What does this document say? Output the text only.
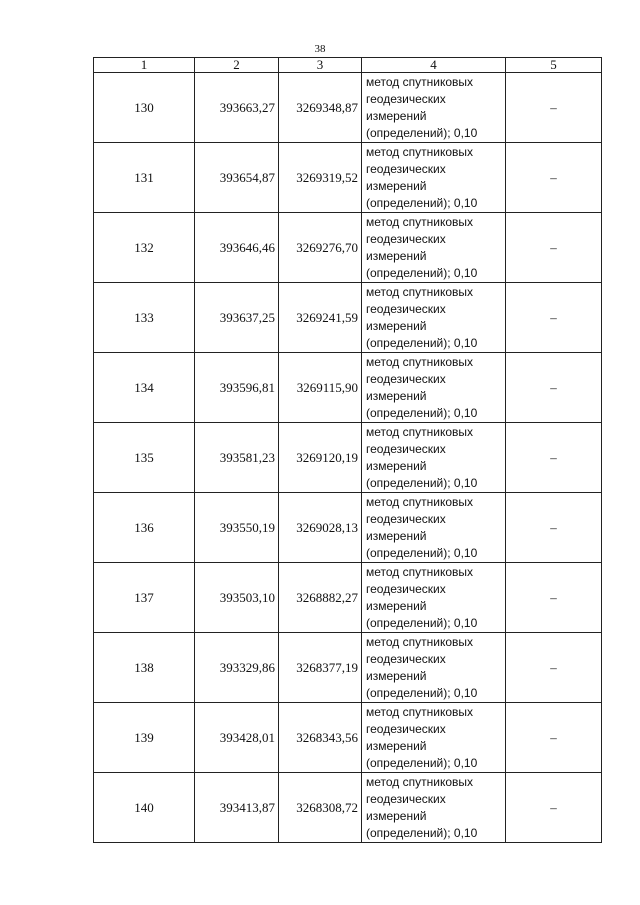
38
1	2	3	4	5
130	393663,27	3269348,87	метод спутниковых
геодезических
измерений
(определений); 0,10	–
131	393654,87	3269319,52	метод спутниковых
геодезических
измерений
(определений); 0,10	–
132	393646,46	3269276,70	метод спутниковых
геодезических
измерений
(определений); 0,10	–
133	393637,25	3269241,59	метод спутниковых
геодезических
измерений
(определений); 0,10	–
134	393596,81	3269115,90	метод спутниковых
геодезических
измерений
(определений); 0,10	–
135	393581,23	3269120,19	метод спутниковых
геодезических
измерений
(определений); 0,10	–
136	393550,19	3269028,13	метод спутниковых
геодезических
измерений
(определений); 0,10	–
137	393503,10	3268882,27	метод спутниковых
геодезических
измерений
(определений); 0,10	–
138	393329,86	3268377,19	метод спутниковых
геодезических
измерений
(определений); 0,10	–
139	393428,01	3268343,56	метод спутниковых
геодезических
измерений
(определений); 0,10	–
140	393413,87	3268308,72	метод спутниковых
геодезических
измерений
(определений); 0,10	–
